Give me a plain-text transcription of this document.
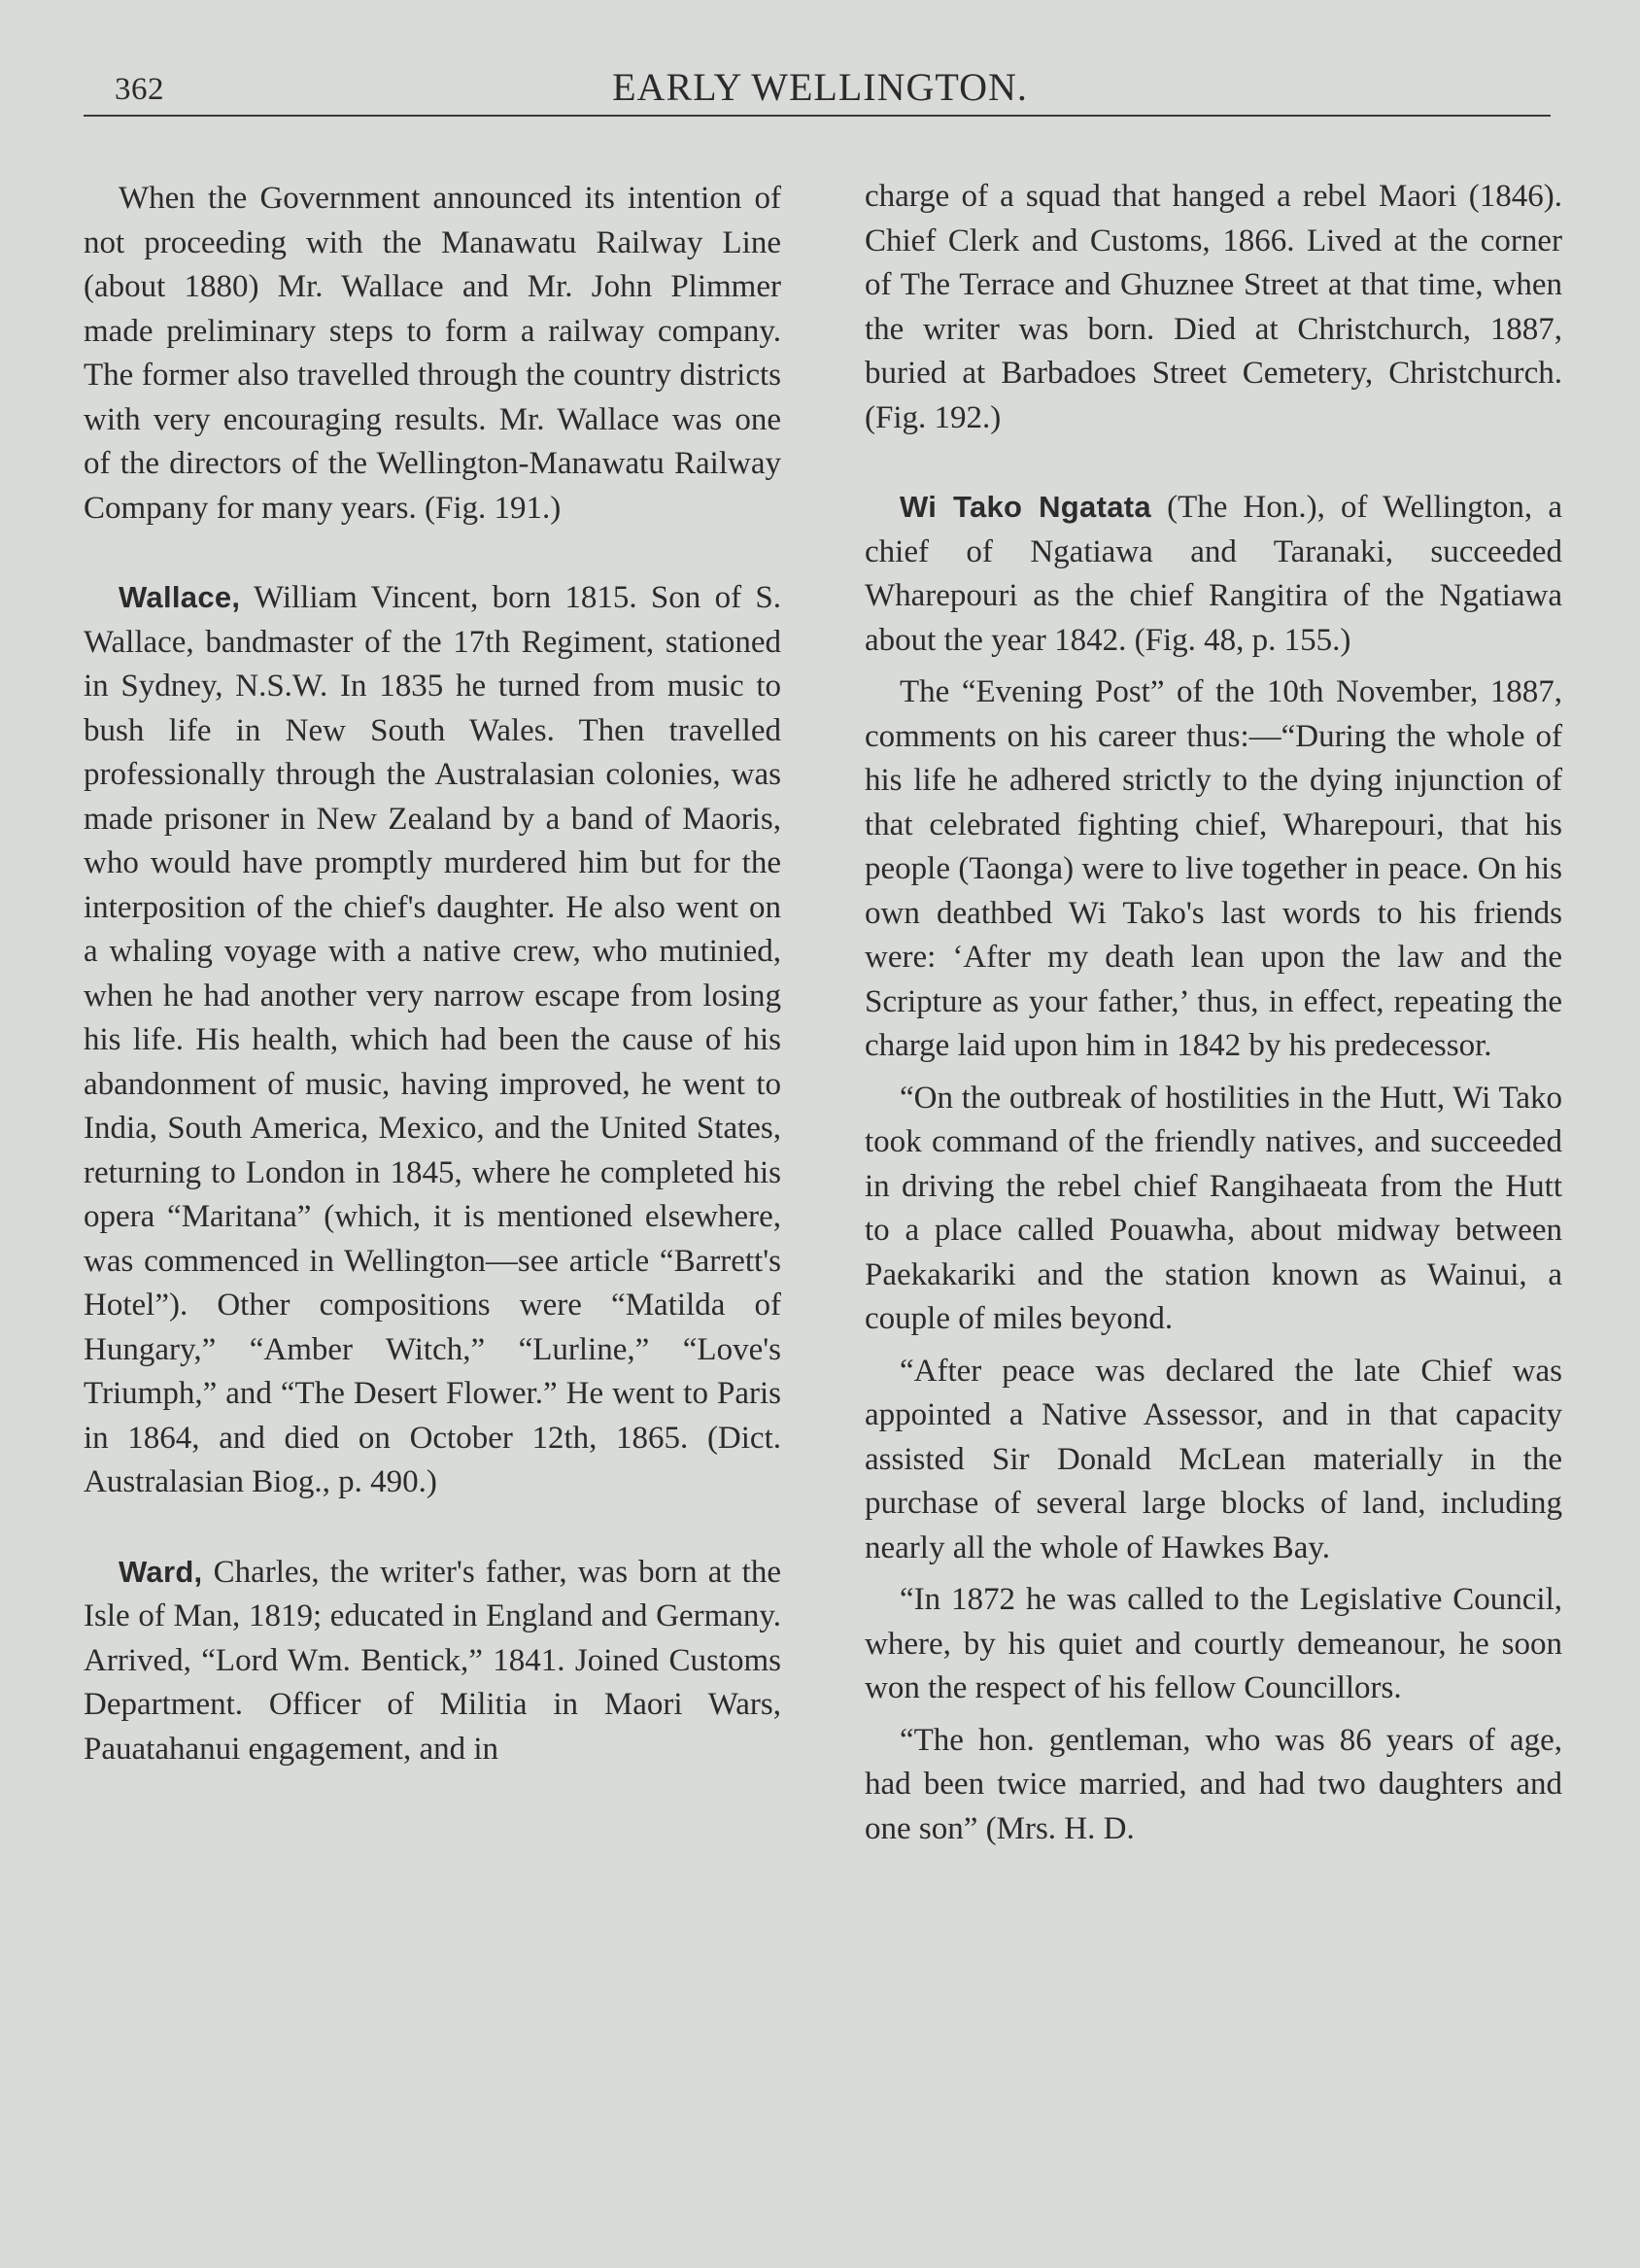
362	EARLY WELLINGTON.

When the Government announced its intention of not proceeding with the Manawatu Railway Line (about 1880) Mr. Wallace and Mr. John Plimmer made preliminary steps to form a railway company. The former also travelled through the country districts with very encouraging results. Mr. Wallace was one of the directors of the Wellington-Manawatu Railway Company for many years. (Fig. 191.)

Wallace, William Vincent, born 1815. Son of S. Wallace, bandmaster of the 17th Regiment, stationed in Sydney, N.S.W. In 1835 he turned from music to bush life in New South Wales. Then travelled professionally through the Australasian colonies, was made prisoner in New Zealand by a band of Maoris, who would have promptly murdered him but for the interposition of the chief's daughter. He also went on a whaling voyage with a native crew, who mutinied, when he had another very narrow escape from losing his life. His health, which had been the cause of his abandonment of music, having improved, he went to India, South America, Mexico, and the United States, returning to London in 1845, where he completed his opera “Maritana” (which, it is mentioned elsewhere, was commenced in Wellington—see article “Barrett's Hotel”). Other compositions were “Matilda of Hungary,” “Amber Witch,” “Lurline,” “Love's Triumph,” and “The Desert Flower.” He went to Paris in 1864, and died on October 12th, 1865. (Dict. Australasian Biog., p. 490.)

Ward, Charles, the writer's father, was born at the Isle of Man, 1819; educated in England and Germany. Arrived, “Lord Wm. Bentick,” 1841. Joined Customs Department. Officer of Militia in Maori Wars, Pauatahanui engagement, and in

charge of a squad that hanged a rebel Maori (1846). Chief Clerk and Customs, 1866. Lived at the corner of The Terrace and Ghuznee Street at that time, when the writer was born. Died at Christchurch, 1887, buried at Barbadoes Street Cemetery, Christchurch. (Fig. 192.)

Wi Tako Ngatata (The Hon.), of Wellington, a chief of Ngatiawa and Taranaki, succeeded Wharepouri as the chief Rangitira of the Ngatiawa about the year 1842. (Fig. 48, p. 155.)

The “Evening Post” of the 10th November, 1887, comments on his career thus:—“During the whole of his life he adhered strictly to the dying injunction of that celebrated fighting chief, Wharepouri, that his people (Taonga) were to live together in peace. On his own deathbed Wi Tako's last words to his friends were: ‘After my death lean upon the law and the Scripture as your father,’ thus, in effect, repeating the charge laid upon him in 1842 by his predecessor.

“On the outbreak of hostilities in the Hutt, Wi Tako took command of the friendly natives, and succeeded in driving the rebel chief Rangihaeata from the Hutt to a place called Pouawha, about midway between Paekakariki and the station known as Wainui, a couple of miles beyond.

“After peace was declared the late Chief was appointed a Native Assessor, and in that capacity assisted Sir Donald McLean materially in the purchase of several large blocks of land, including nearly all the whole of Hawkes Bay.

“In 1872 he was called to the Legislative Council, where, by his quiet and courtly demeanour, he soon won the respect of his fellow Councillors.

“The hon. gentleman, who was 86 years of age, had been twice married, and had two daughters and one son” (Mrs. H. D.
